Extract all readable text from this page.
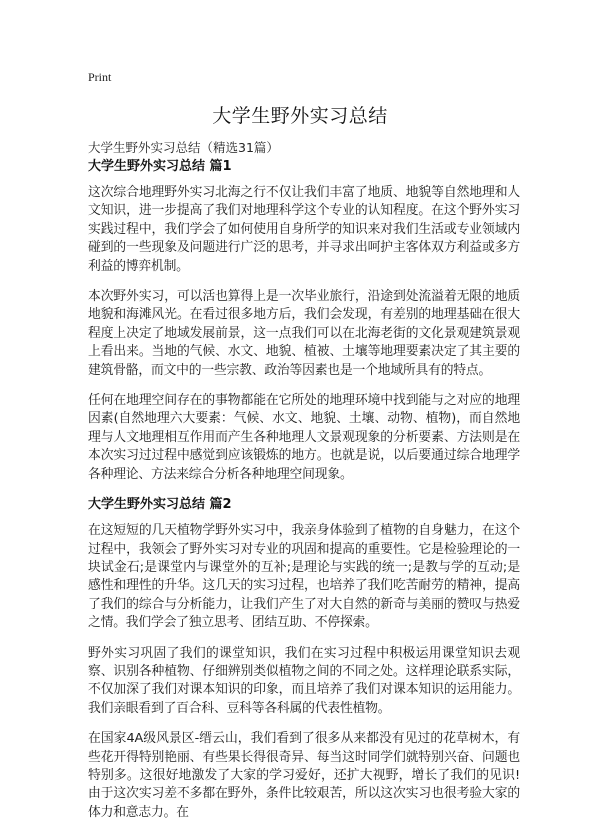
Print
大学生野外实习总结
大学生野外实习总结（精选31篇）
大学生野外实习总结 篇1

这次综合地理野外实习北海之行不仅让我们丰富了地质、地貌等自然地理和人文知识，进一步提高了我们对地理科学这个专业的认知程度。在这个野外实习实践过程中，我们学会了如何使用自身所学的知识来对我们生活或专业领域内碰到的一些现象及问题进行广泛的思考，并寻求出呵护主客体双方利益或多方利益的博弈机制。

本次野外实习，可以活也算得上是一次毕业旅行，沿途到处流溢着无限的地质地貌和海滩风光。在看过很多地方后，我们会发现，有差别的地理基础在很大程度上决定了地域发展前景，这一点我们可以在北海老街的文化景观建筑景观上看出来。当地的气候、水文、地貌、植被、土壤等地理要素决定了其主要的建筑骨骼，而文中的一些宗教、政治等因素也是一个地域所具有的特点。

任何在地理空间存在的事物都能在它所处的地理环境中找到能与之对应的地理因素(自然地理六大要素：气候、水文、地貌、土壤、动物、植物)，而自然地理与人文地理相互作用而产生各种地理人文景观现象的分析要素、方法则是在本次实习过过程中感觉到应该锻炼的地方。也就是说，以后要通过综合地理学各种理论、方法来综合分析各种地理空间现象。

大学生野外实习总结 篇2

在这短短的几天植物学野外实习中，我亲身体验到了植物的自身魅力，在这个过程中，我领会了野外实习对专业的巩固和提高的重要性。它是检验理论的一块试金石;是课堂内与课堂外的互补;是理论与实践的统一;是教与学的互动;是感性和理性的升华。这几天的实习过程，也培养了我们吃苦耐劳的精神，提高了我们的综合与分析能力，让我们产生了对大自然的新奇与美丽的赞叹与热爱之情。我们学会了独立思考、团结互助、不停探索。

野外实习巩固了我们的课堂知识，我们在实习过程中积极运用课堂知识去观察、识别各种植物、仔细辨别类似植物之间的不同之处。这样理论联系实际，不仅加深了我们对课本知识的印象，而且培养了我们对课本知识的运用能力。我们亲眼看到了百合科、豆科等各科属的代表性植物。

在国家4A级风景区-缙云山，我们看到了很多从来都没有见过的花草树木，有些花开得特别艳丽、有些果长得很奇异、每当这时同学们就特别兴奋、问题也特别多。这很好地激发了大家的学习爱好，还扩大视野，增长了我们的见识!由于这次实习差不多都在野外，条件比较艰苦，所以这次实习也很考验大家的体力和意志力。在
